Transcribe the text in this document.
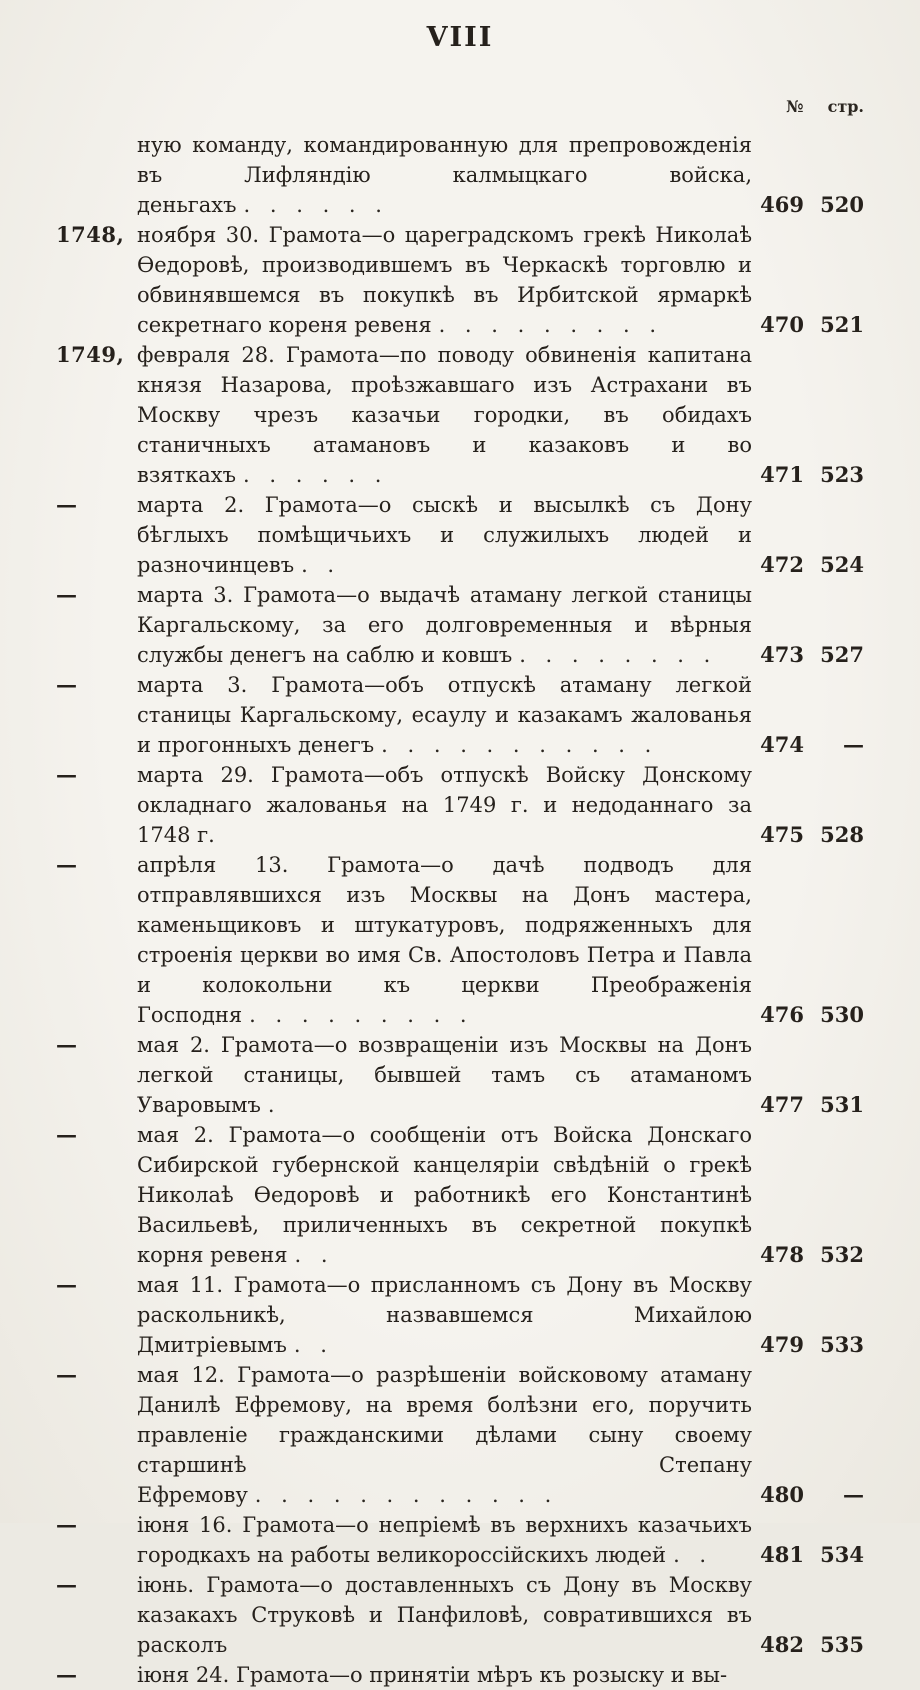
VIII
№ стр.
ную команду, командированную для препровожденія въ Лифляндію калмыцкаго войска, деньгахъ . . . . . .	469 520
1748, ноября 30. Грамота—о цареградскомъ грекѣ Николаѣ Ѳедоровѣ, производившемъ въ Черкаскѣ торговлю и обвинявшемся въ покупкѣ въ Ирбитской ярмаркѣ секретнаго кореня ревеня . . . . . . . . .	470 521
1749, февраля 28. Грамота—по поводу обвиненія капитана князя Назарова, проѣзжавшаго изъ Астрахани въ Москву чрезъ казачьи городки, въ обидахъ станичныхъ атамановъ и казаковъ и во взяткахъ . . . . . .	471 523
—	марта 2. Грамота—о сыскѣ и высылкѣ съ Дону бѣглыхъ помѣщичьихъ и служилыхъ людей и разночинцевъ . .	472 524
—	марта 3. Грамота—о выдачѣ атаману легкой станицы Каргальскому, за его долговременныя и вѣрныя службы денегъ на саблю и ковшъ . . . . . . . .	473 527
—	марта 3. Грамота—объ отпускѣ атаману легкой станицы Каргальскому, есаулу и казакамъ жалованья и прогонныхъ денегъ . . . . . . . . . . .	474 —
—	марта 29. Грамота—объ отпускѣ Войску Донскому окладнаго жалованья на 1749 г. и недоданнаго за 1748 г.	475 528
—	апрѣля 13. Грамота—о дачѣ подводъ для отправлявшихся изъ Москвы на Донъ мастера, каменьщиковъ и штукатуровъ, подряженныхъ для строенія церкви во имя Св. Апостоловъ Петра и Павла и колокольни къ церкви Преображенія Господня . . . . . . . . .	476 530
—	мая 2. Грамота—о возвращеніи изъ Москвы на Донъ легкой станицы, бывшей тамъ съ атаманомъ Уваровымъ .	477 531
—	мая 2. Грамота—о сообщеніи отъ Войска Донскаго Сибирской губернской канцеляріи свѣдѣній о грекѣ Николаѣ Ѳедоровѣ и работникѣ его Константинѣ Васильевѣ, приличенныхъ въ секретной покупкѣ корня ревеня . .	478 532
—	мая 11. Грамота—о присланномъ съ Дону въ Москву раскольникѣ, назвавшемся Михайлою Дмитріевымъ . .	479 533
—	мая 12. Грамота—о разрѣшеніи войсковому атаману Данилѣ Ефремову, на время болѣзни его, поручить правленіе гражданскими дѣлами сыну своему старшинѣ Степану Ефремову . . . . . . . . . . . .	480 —
—	іюня 16. Грамота—о непріемѣ въ верхнихъ казачьихъ городкахъ на работы великороссійскихъ людей . .	481 534
—	іюнь. Грамота—о доставленныхъ съ Дону въ Москву казакахъ Струковѣ и Панфиловѣ, совратившихся въ расколъ	482 535
—	іюня 24. Грамота—о принятіи мѣръ къ розыску и вы-
